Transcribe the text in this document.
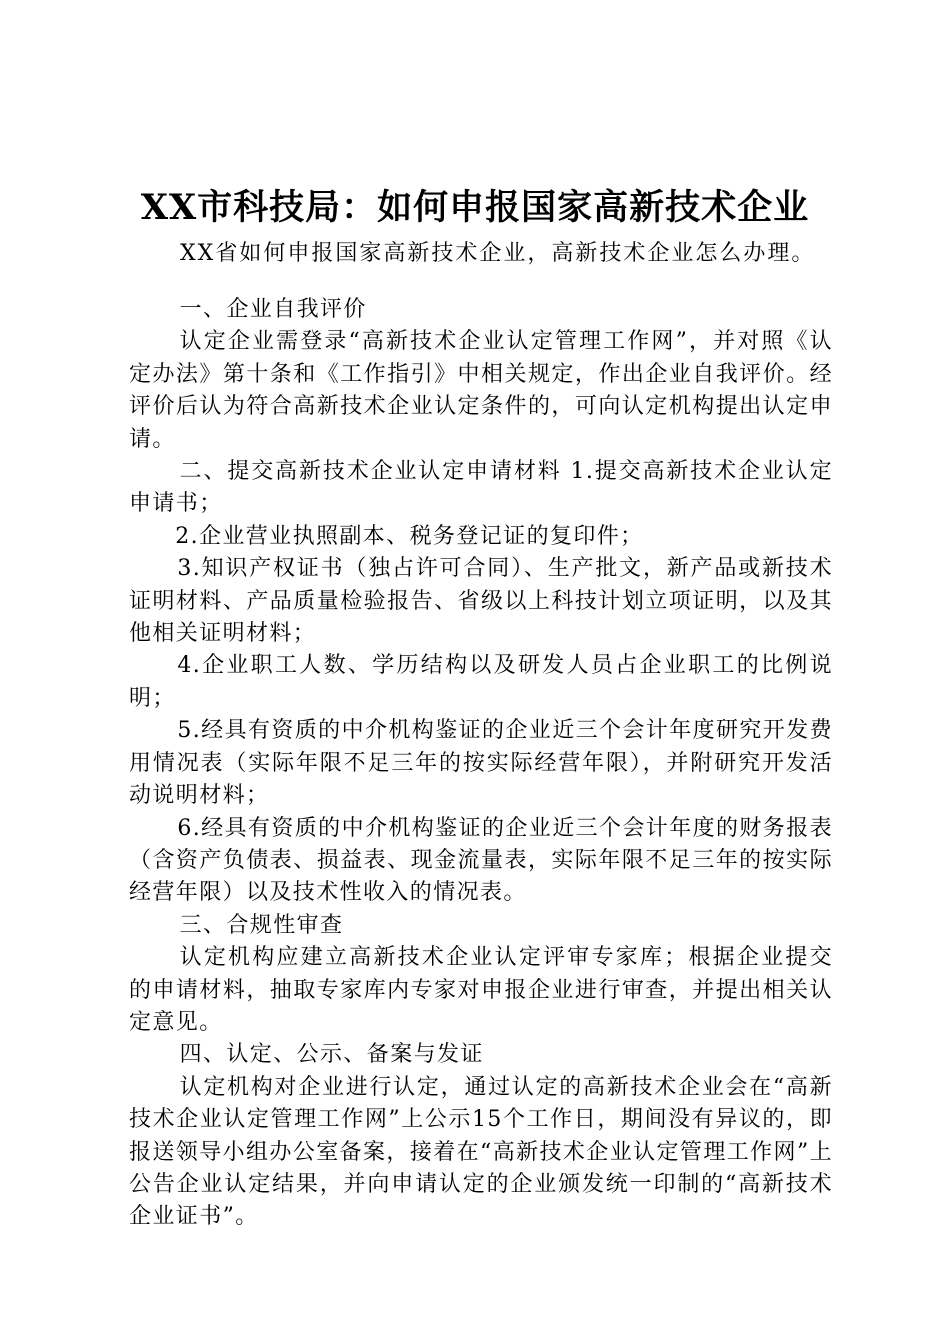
XX市科技局：如何申报国家高新技术企业

XX省如何申报国家高新技术企业，高新技术企业怎么办理。

一、企业自我评价

认定企业需登录“高新技术企业认定管理工作网”，并对照《认定办法》第十条和《工作指引》中相关规定，作出企业自我评价。经评价后认为符合高新技术企业认定条件的，可向认定机构提出认定申请。

二、提交高新技术企业认定申请材料 1.提交高新技术企业认定申请书；

2.企业营业执照副本、税务登记证的复印件；

3.知识产权证书（独占许可合同）、生产批文，新产品或新技术证明材料、产品质量检验报告、省级以上科技计划立项证明，以及其他相关证明材料；

4.企业职工人数、学历结构以及研发人员占企业职工的比例说明；

5.经具有资质的中介机构鉴证的企业近三个会计年度研究开发费用情况表（实际年限不足三年的按实际经营年限），并附研究开发活动说明材料；

6.经具有资质的中介机构鉴证的企业近三个会计年度的财务报表（含资产负债表、损益表、现金流量表，实际年限不足三年的按实际经营年限）以及技术性收入的情况表。

三、合规性审查

认定机构应建立高新技术企业认定评审专家库；根据企业提交的申请材料，抽取专家库内专家对申报企业进行审查，并提出相关认定意见。

四、认定、公示、备案与发证

认定机构对企业进行认定，通过认定的高新技术企业会在“高新技术企业认定管理工作网”上公示15个工作日，期间没有异议的，即报送领导小组办公室备案，接着在“高新技术企业认定管理工作网”上公告企业认定结果，并向申请认定的企业颁发统一印制的“高新技术企业证书”。
